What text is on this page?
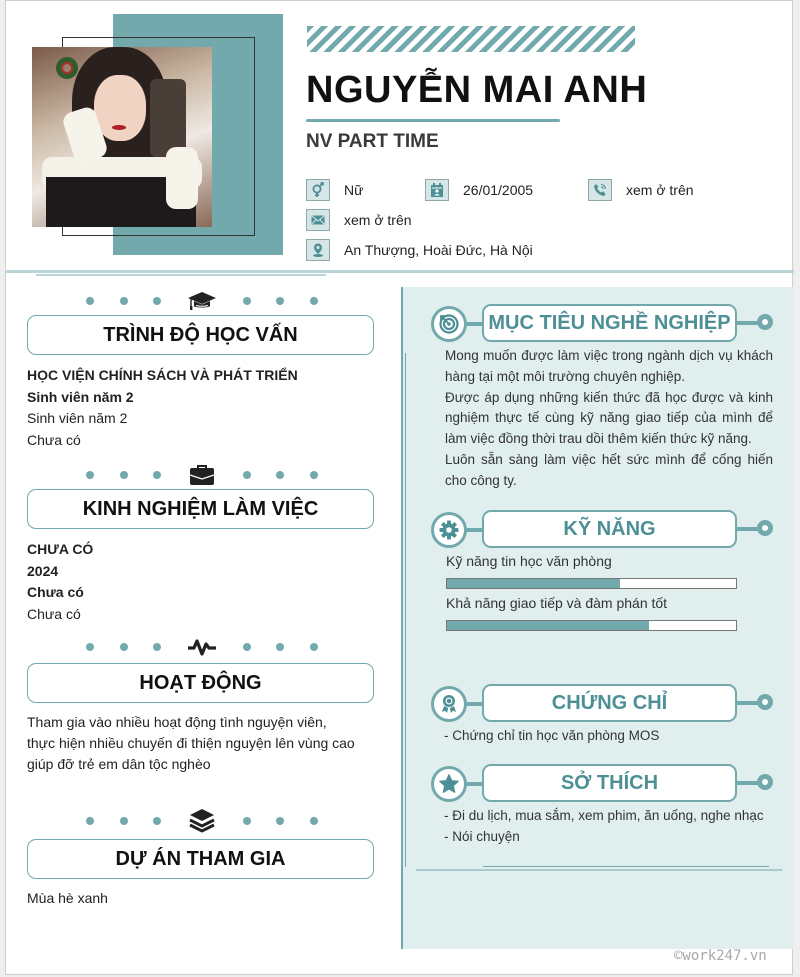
NGUYỄN MAI ANH
NV PART TIME
Nữ	26/01/2005	xem ở trên
xem ở trên
An Thượng, Hoài Đức, Hà Nội
TRÌNH ĐỘ HỌC VẤN
HỌC VIỆN CHÍNH SÁCH VÀ PHÁT TRIỂN
Sinh viên năm 2
Sinh viên năm 2
Chưa có
KINH NGHIỆM LÀM VIỆC
CHƯA CÓ
2024
Chưa có
Chưa có
HOẠT ĐỘNG
Tham gia vào nhiều hoạt động tình nguyện viên,
thực hiện nhiều chuyến đi thiện nguyện lên vùng cao
giúp đỡ trẻ em dân tộc nghèo
DỰ ÁN THAM GIA
Mùa hè xanh
MỤC TIÊU NGHỀ NGHIỆP

Mong muốn được làm việc trong ngành dịch vụ khách hàng tại một môi trường chuyên nghiệp.

Được áp dụng những kiến thức đã học được và kinh nghiệm thực tế cùng kỹ năng giao tiếp của mình để làm việc đồng thời trau dồi thêm kiến thức kỹ năng.

Luôn sẵn sàng làm việc hết sức mình để cống hiến cho công ty.

KỸ NĂNG
Kỹ năng tin học văn phòng
Khả năng giao tiếp và đàm phán tốt
CHỨNG CHỈ
- Chứng chỉ tin học văn phòng MOS
SỞ THÍCH
- Đi du lịch, mua sắm, xem phim, ăn uống, nghe nhạc
- Nói chuyện
©work247.vn
